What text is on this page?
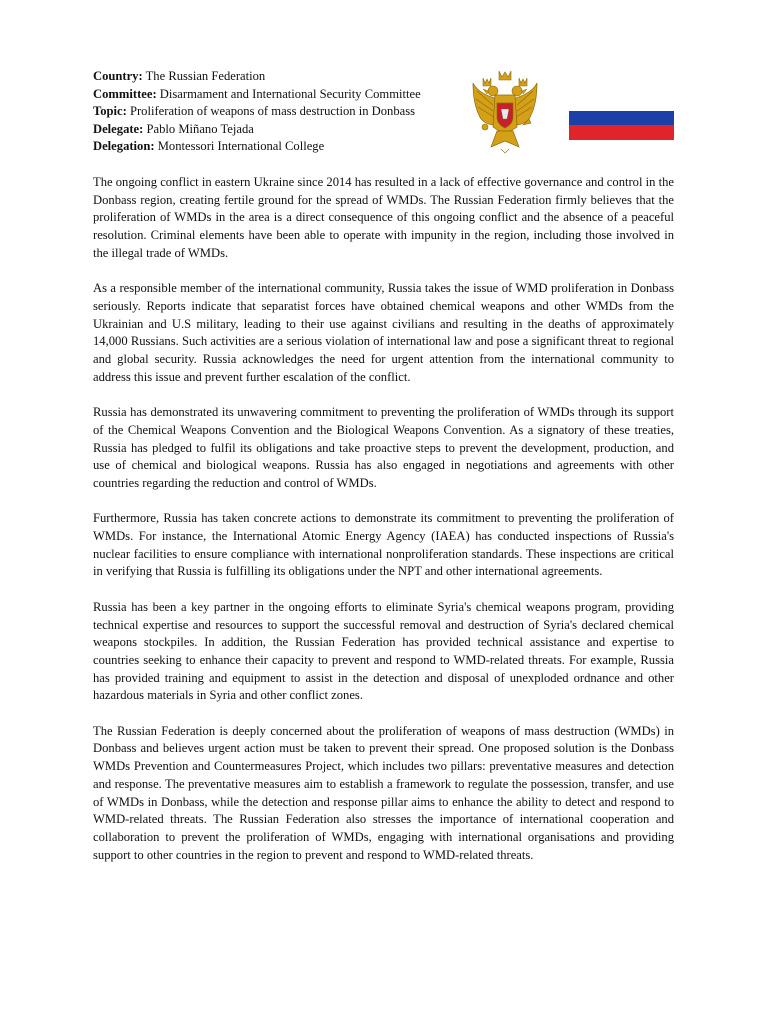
Country: The Russian Federation
Committee: Disarmament and International Security Committee
Topic: Proliferation of weapons of mass destruction in Donbass
Delegate: Pablo Miñano Tejada
Delegation: Montessori International College

The ongoing conflict in eastern Ukraine since 2014 has resulted in a lack of effective governance and control in the Donbass region, creating fertile ground for the spread of WMDs. The Russian Federation firmly believes that the proliferation of WMDs in the area is a direct consequence of this ongoing conflict and the absence of a peaceful resolution. Criminal elements have been able to operate with impunity in the region, including those involved in the illegal trade of WMDs.

As a responsible member of the international community, Russia takes the issue of WMD proliferation in Donbass seriously. Reports indicate that separatist forces have obtained chemical weapons and other WMDs from the Ukrainian and U.S military, leading to their use against civilians and resulting in the deaths of approximately 14,000 Russians. Such activities are a serious violation of international law and pose a significant threat to regional and global security. Russia acknowledges the need for urgent attention from the international community to address this issue and prevent further escalation of the conflict.

Russia has demonstrated its unwavering commitment to preventing the proliferation of WMDs through its support of the Chemical Weapons Convention and the Biological Weapons Convention. As a signatory of these treaties, Russia has pledged to fulfil its obligations and take proactive steps to prevent the development, production, and use of chemical and biological weapons. Russia has also engaged in negotiations and agreements with other countries regarding the reduction and control of WMDs.

Furthermore, Russia has taken concrete actions to demonstrate its commitment to preventing the proliferation of WMDs. For instance, the International Atomic Energy Agency (IAEA) has conducted inspections of Russia's nuclear facilities to ensure compliance with international nonproliferation standards. These inspections are critical in verifying that Russia is fulfilling its obligations under the NPT and other international agreements.

Russia has been a key partner in the ongoing efforts to eliminate Syria's chemical weapons program, providing technical expertise and resources to support the successful removal and destruction of Syria's declared chemical weapons stockpiles. In addition, the Russian Federation has provided technical assistance and expertise to countries seeking to enhance their capacity to prevent and respond to WMD-related threats. For example, Russia has provided training and equipment to assist in the detection and disposal of unexploded ordnance and other hazardous materials in Syria and other conflict zones.

The Russian Federation is deeply concerned about the proliferation of weapons of mass destruction (WMDs) in Donbass and believes urgent action must be taken to prevent their spread. One proposed solution is the Donbass WMDs Prevention and Countermeasures Project, which includes two pillars: preventative measures and detection and response. The preventative measures aim to establish a framework to regulate the possession, transfer, and use of WMDs in Donbass, while the detection and response pillar aims to enhance the ability to detect and respond to WMD-related threats. The Russian Federation also stresses the importance of international cooperation and collaboration to prevent the proliferation of WMDs, engaging with international organisations and providing support to other countries in the region to prevent and respond to WMD-related threats.
